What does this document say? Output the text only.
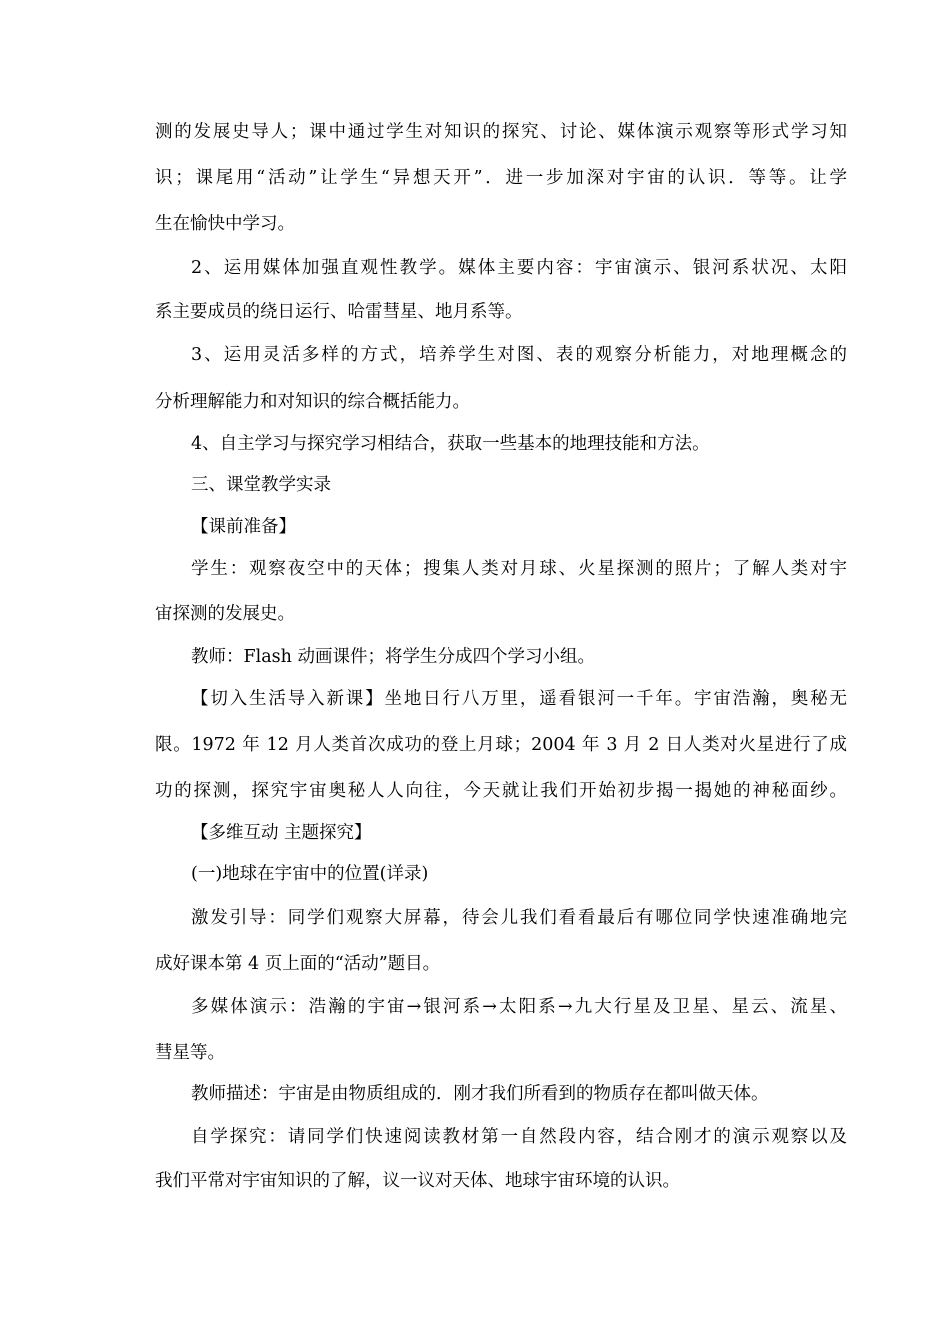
测的发展史导人；课中通过学生对知识的探究、讨论、媒体演示观察等形式学习知
识；课尾用“活动”让学生“异想天开”．进一步加深对宇宙的认识．等等。让学
生在愉快中学习。
2、运用媒体加强直观性教学。媒体主要内容：宇宙演示、银河系状况、太阳
系主要成员的绕日运行、哈雷彗星、地月系等。
3、运用灵活多样的方式，培养学生对图、表的观察分析能力，对地理概念的
分析理解能力和对知识的综合概括能力。
4、自主学习与探究学习相结合，获取一些基本的地理技能和方法。
三、课堂教学实录
【课前准备】
学生：观察夜空中的天体；搜集人类对月球、火星探测的照片；了解人类对宇
宙探测的发展史。
教师：Flash 动画课件；将学生分成四个学习小组。
【切入生活导入新课】坐地日行八万里，遥看银河一千年。宇宙浩瀚，奥秘无
限。1972 年 12 月人类首次成功的登上月球；2004 年 3 月 2 日人类对火星进行了成
功的探测，探究宇宙奥秘人人向往，今天就让我们开始初步揭一揭她的神秘面纱。
【多维互动 主题探究】
(一)地球在宇宙中的位置(详录)
激发引导：同学们观察大屏幕，待会儿我们看看最后有哪位同学快速准确地完
成好课本第 4 页上面的“活动”题目。
多媒体演示：浩瀚的宇宙→银河系→太阳系→九大行星及卫星、星云、流星、
彗星等。
教师描述：宇宙是由物质组成的．刚才我们所看到的物质存在都叫做天体。
自学探究：请同学们快速阅读教材第一自然段内容，结合刚才的演示观察以及
我们平常对宇宙知识的了解，议一议对天体、地球宇宙环境的认识。
